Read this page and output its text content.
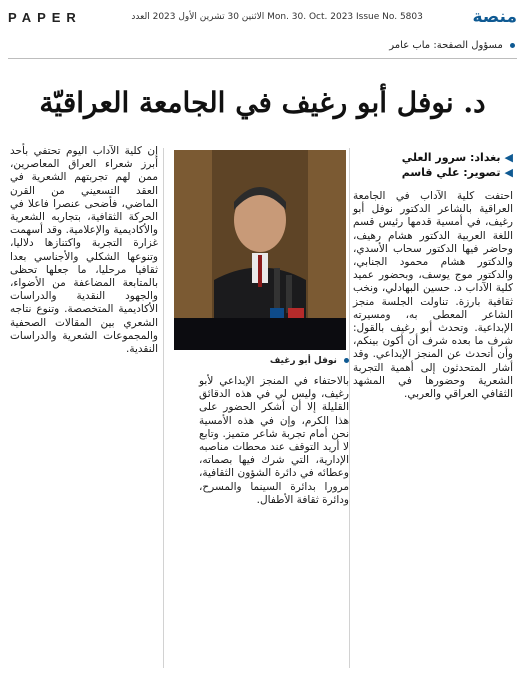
PAPER	Mon. 30. Oct. 2023 Issue No. 5803 الاثنين 30 تشرين الأول 2023 العدد	منصة
مسؤول الصفحة: ماب عامر
د. نوفل أبو رغيف في الجامعة العراقيّة
◀بغداد: سرور العلي
◀تصوير: علي قاسم
احتفت كلية الآداب في الجامعة العراقية بالشاعر الدكتور نوفل أبو رغيف، في أمسية قدمها رئيس قسم اللغة العربية الدكتور هشام رهيف، وحاضر فيها الدكتور سحاب الأسدي، والدكتور هشام محمود الجنابي، والدكتور موج يوسف، وبحضور عميد كلية الآداب د. حسين البهادلي، ونخب ثقافية بارزة. تناولت الجلسة منجز الشاعر المعطى به، ومسيرته الإبداعية. وتحدث أبو رغيف بالقول: شرف ما بعده شرف أن أكون بينكم، وأن أتحدث عن المنجز الإبداعي. وقد أشار المتحدثون إلى أهمية التجربة الشعرية وحضورها في المشهد الثقافي العراقي والعربي.
نوفل أبو رغيف
بالاحتفاء في المنجز الإبداعي لأبو رغيف، وليس لي في هذه الدقائق القليلة إلا أن أشكر الحضور على هذا الكرم، وإن في هذه الأمسية نحن أمام تجربة شاعر متميز. وتابع لا أريد التوقف عند محطات مناصبه الإدارية، التي شرك فيها بصماته، وعطائه في دائرة الشؤون الثقافية، مرورا بدائرة السينما والمسرح، ودائرة ثقافة الأطفال.
إن كلية الآداب اليوم تحتفي بأحد أبرز شعراء العراق المعاصرين، ممن لهم تجربتهم الشعرية في العقد التسعيني من القرن الماضي، فأضحى عنصرا فاعلا في الحركة الثقافية، بتجاربه الشعرية والأكاديمية والإعلامية. وقد أسهمت غزارة التجربة واكتنازها دلاليا، وتنوعها الشكلي والأجناسي بعدا ثقافيا مرحليا، ما جعلها تحظى بالمتابعة المضاعفة من الأضواء، والجهود النقدية والدراسات الأكاديمية المتخصصة. وتنوع نتاجه الشعري بين المقالات الصحفية والمجموعات الشعرية والدراسات النقدية.
